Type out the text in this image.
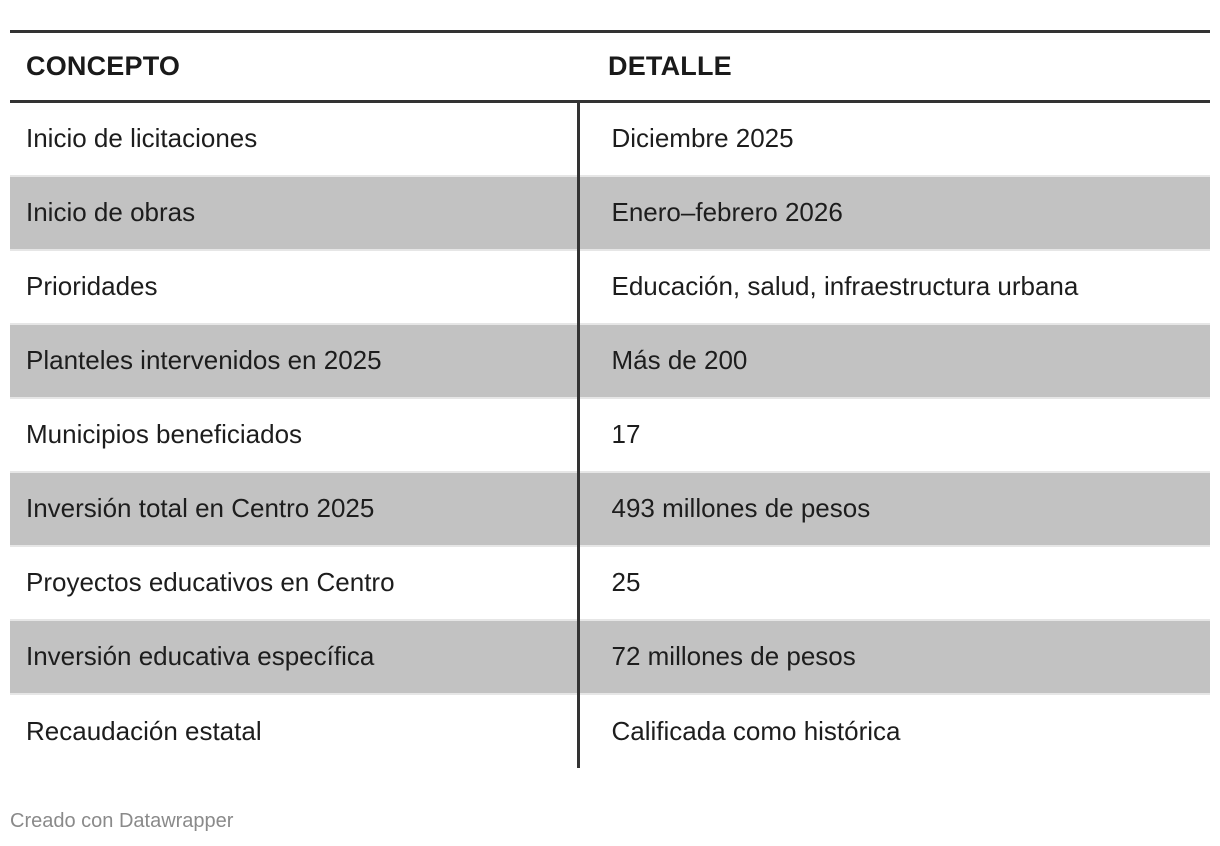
CONCEPTO	DETALLE
Inicio de licitaciones	Diciembre 2025
Inicio de obras	Enero–febrero 2026
Prioridades	Educación, salud, infraestructura urbana
Planteles intervenidos en 2025	Más de 200
Municipios beneficiados	17
Inversión total en Centro 2025	493 millones de pesos
Proyectos educativos en Centro	25
Inversión educativa específica	72 millones de pesos
Recaudación estatal	Calificada como histórica
Creado con Datawrapper
